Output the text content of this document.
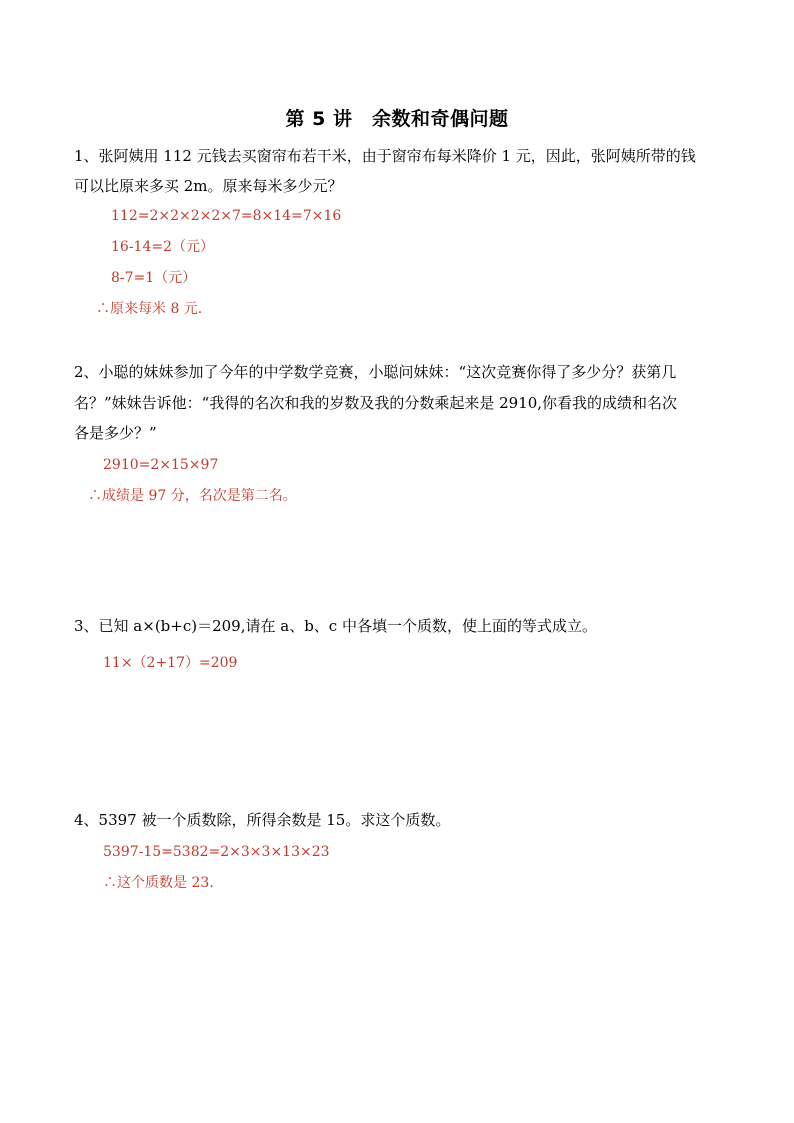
第 5 讲　余数和奇偶问题
1、张阿姨用 112 元钱去买窗帘布若干米，由于窗帘布每米降价 1 元，因此，张阿姨所带的钱
可以比原来多买 2m。原来每米多少元？
112=2×2×2×2×7=8×14=7×16
16-14=2（元）
8-7=1（元）
∴原来每米 8 元.
2、小聪的妹妹参加了今年的中学数学竞赛，小聪问妹妹：“这次竞赛你得了多少分？获第几
名？”妹妹告诉他：“我得的名次和我的岁数及我的分数乘起来是 2910,你看我的成绩和名次
各是多少？”
2910=2×15×97
∴成绩是 97 分，名次是第二名。
3、已知 a×(b+c)＝209,请在 a、b、c 中各填一个质数，使上面的等式成立。
11×（2+17）=209
4、5397 被一个质数除，所得余数是 15。求这个质数。
5397-15=5382=2×3×3×13×23
∴这个质数是 23.
